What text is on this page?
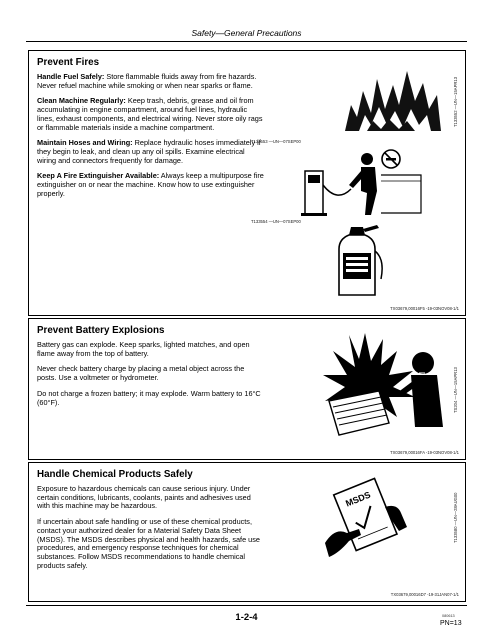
Safety—General Precautions
Prevent Fires

Handle Fuel Safely: Store flammable fluids away from fire hazards. Never refuel machine while smoking or when near sparks or flame.

Clean Machine Regularly: Keep trash, debris, grease and oil from accumulating in engine compartment, around fuel lines, hydraulic lines, exhaust components, and electrical wiring. Never store oily rags or flammable materials inside a machine compartment.

Maintain Hoses and Wiring: Replace hydraulic hoses immediately if they begin to leak, and clean up any oil spills. Examine electrical wiring and connectors frequently for damage.

Keep A Fire Extinguisher Available: Always keep a multipurpose fire extinguisher on or near the machine. Know how to use extinguisher properly.

T133552 —UN—15APR13
T133553 —UN—07SEP00
T133554 —UN—07SEP00
TX03679,00016F5 -19-03NOV08-1/1
Prevent Battery Explosions

Battery gas can explode. Keep sparks, lighted matches, and open flame away from the top of battery.

Never check battery charge by placing a metal object across the posts. Use a voltmeter or hydrometer.

Do not charge a frozen battery; it may explode. Warm battery to 16°C (60°F).	TS204 —UN—15APR13
TX03679,00016FA -19-03NOV08-1/1
Handle Chemical Products Safely

Exposure to hazardous chemicals can cause serious injury. Under certain conditions, lubricants, coolants, paints and adhesives used with this machine may be hazardous.

If uncertain about safe handling or use of these chemical products, contact your authorized dealer for a Material Safety Data Sheet (MSDS). The MSDS describes physical and health hazards, safe use procedures, and emergency response techniques for chemical substances. Follow MSDS recommendations to handle chemical products safely.

MSDS	T133580 —UN—28AUG00
TX03679,00016D7 -19-31JAN07-1/1
1-2-4	080613
PN=13
